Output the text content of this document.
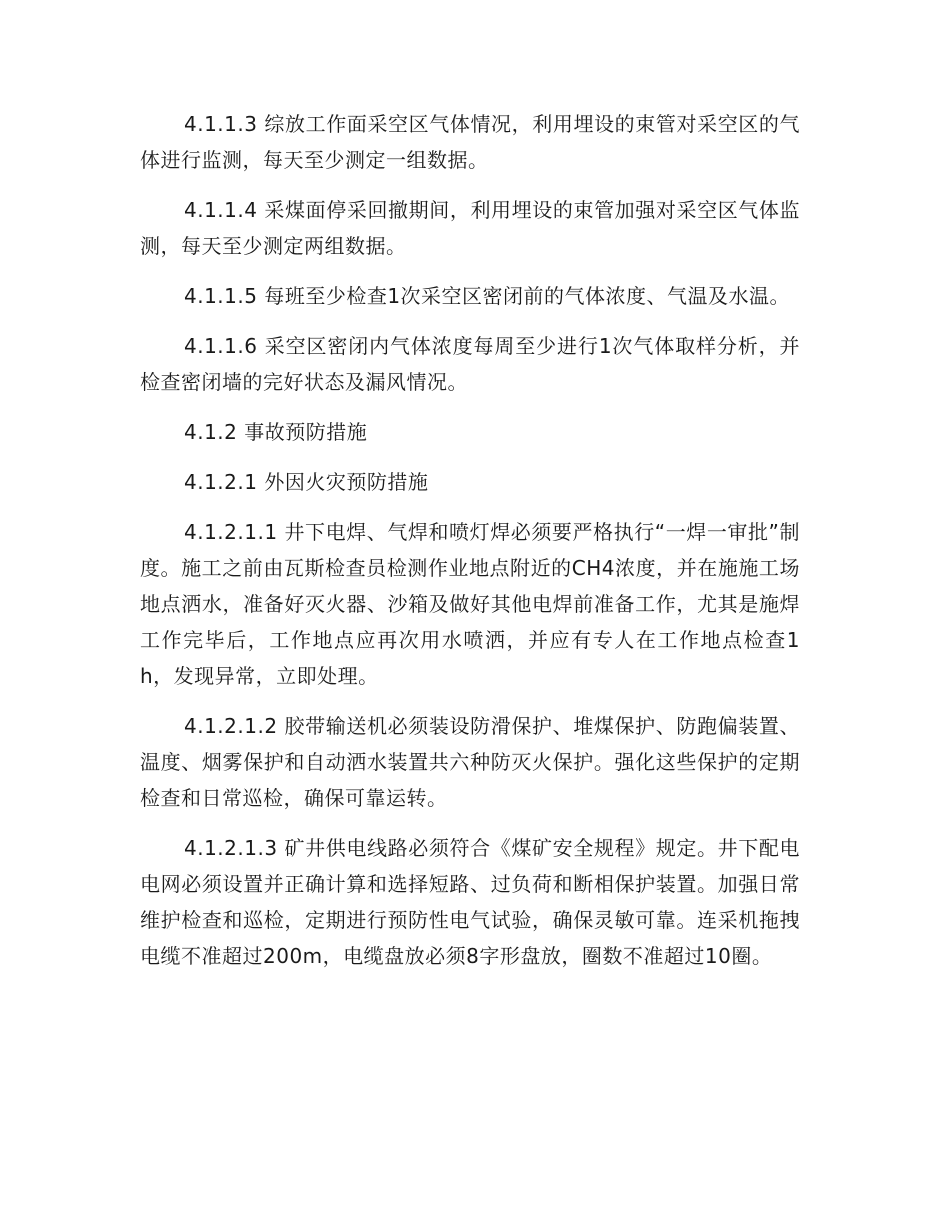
4.1.1.3 综放工作面采空区气体情况，利用埋设的束管对采空区的气体进行监测，每天至少测定一组数据。

4.1.1.4 采煤面停采回撤期间，利用埋设的束管加强对采空区气体监测，每天至少测定两组数据。

4.1.1.5 每班至少检查1次采空区密闭前的气体浓度、气温及水温。

4.1.1.6 采空区密闭内气体浓度每周至少进行1次气体取样分析，并检查密闭墙的完好状态及漏风情况。

4.1.2 事故预防措施

4.1.2.1 外因火灾预防措施

4.1.2.1.1 井下电焊、气焊和喷灯焊必须要严格执行“一焊一审批”制度。施工之前由瓦斯检查员检测作业地点附近的CH4浓度，并在施施工场地点洒水，准备好灭火器、沙箱及做好其他电焊前准备工作，尤其是施焊工作完毕后，工作地点应再次用水喷洒，并应有专人在工作地点检查1h，发现异常，立即处理。

4.1.2.1.2 胶带输送机必须装设防滑保护、堆煤保护、防跑偏装置、温度、烟雾保护和自动洒水装置共六种防灭火保护。强化这些保护的定期检查和日常巡检，确保可靠运转。

4.1.2.1.3 矿井供电线路必须符合《煤矿安全规程》规定。井下配电电网必须设置并正确计算和选择短路、过负荷和断相保护装置。加强日常维护检查和巡检，定期进行预防性电气试验，确保灵敏可靠。连采机拖拽电缆不准超过200m，电缆盘放必须8字形盘放，圈数不准超过10圈。
